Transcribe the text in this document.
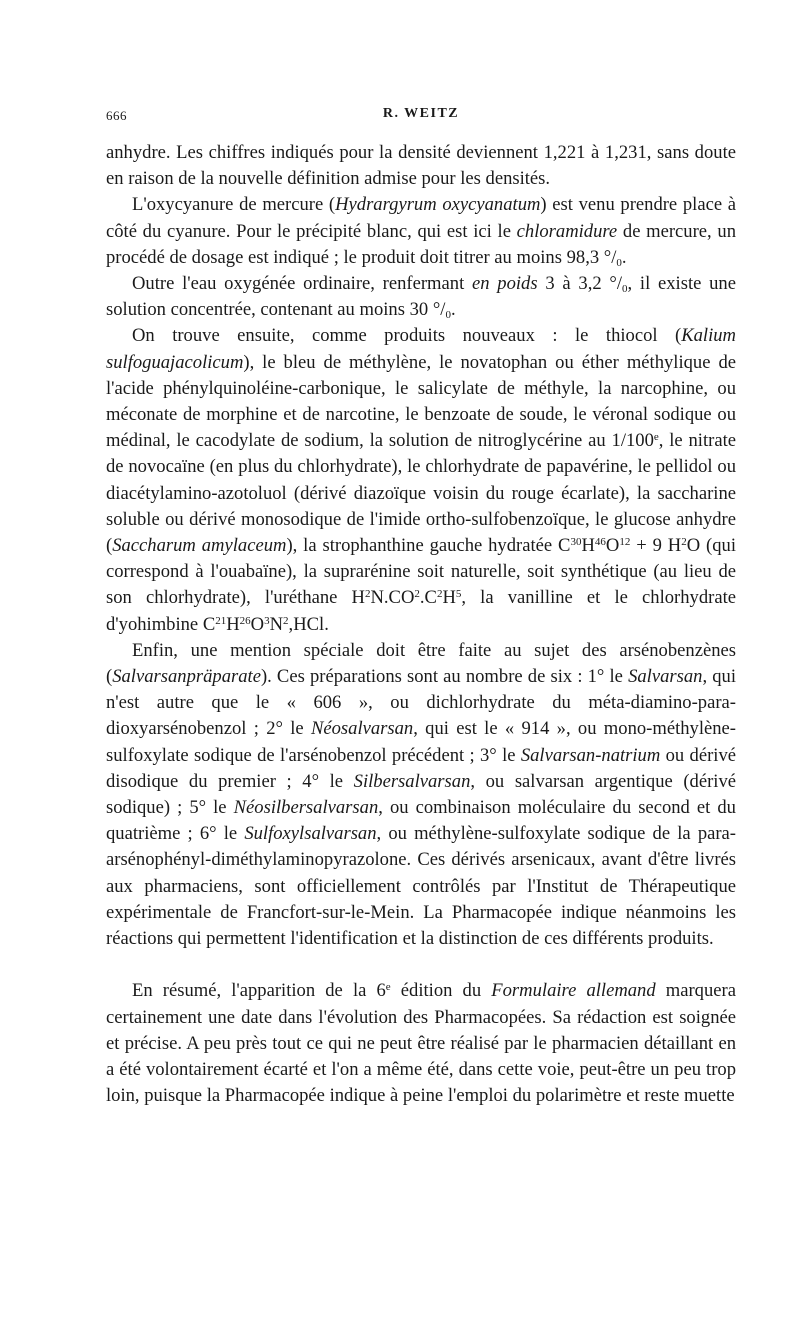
666	R. WEITZ

anhydre. Les chiffres indiqués pour la densité deviennent 1,221 à 1,231, sans doute en raison de la nouvelle définition admise pour les densités.

L'oxycyanure de mercure (Hydrargyrum oxycyanatum) est venu prendre place à côté du cyanure. Pour le précipité blanc, qui est ici le chloramidure de mercure, un procédé de dosage est indiqué ; le produit doit titrer au moins 98,3 $^\circ/_0$.

Outre l'eau oxygénée ordinaire, renfermant en poids 3 à 3,2 $^\circ/_0$, il existe une solution concentrée, contenant au moins 30 $^\circ/_0$.

On trouve ensuite, comme produits nouveaux : le thiocol (Kalium sulfoguajacolicum), le bleu de méthylène, le novatophan ou éther méthylique de l'acide phénylquinoléine-carbonique, le salicylate de méthyle, la narcophine, ou méconate de morphine et de narcotine, le benzoate de soude, le véronal sodique ou médinal, le cacodylate de sodium, la solution de nitroglycérine au 1/100e, le nitrate de novocaïne (en plus du chlorhydrate), le chlorhydrate de papavérine, le pellidol ou diacétylamino-azotoluol (dérivé diazoïque voisin du rouge écarlate), la saccharine soluble ou dérivé monosodique de l'imide ortho-sulfobenzoïque, le glucose anhydre (Saccharum amylaceum), la strophanthine gauche hydratée $C^{30}H^{46}O^{12} + 9$ $H^2O$ (qui correspond à l'ouabaïne), la suprarénine soit naturelle, soit synthétique (au lieu de son chlorhydrate), l'uréthane $H^2N.CO^2.C^2H^5$, la vanilline et le chlorhydrate d'yohimbine $C^{21}H^{26}O^3N^2,HCl$.

Enfin, une mention spéciale doit être faite au sujet des arsénobenzènes (Salvarsanpräparate). Ces préparations sont au nombre de six : 1° le Salvarsan, qui n'est autre que le « 606 », ou dichlorhydrate du méta-diamino-para-dioxyarsénobenzol ; 2° le Néosalvarsan, qui est le « 914 », ou mono-méthylène-sulfoxylate sodique de l'arsénobenzol précédent ; 3° le Salvarsan-natrium ou dérivé disodique du premier ; 4° le Silbersalvarsan, ou salvarsan argentique (dérivé sodique) ; 5° le Néosilbersalvarsan, ou combinaison moléculaire du second et du quatrième ; 6° le Sulfoxylsalvarsan, ou méthylène-sulfoxylate sodique de la para-arsénophényl-diméthylaminopyrazolone. Ces dérivés arsenicaux, avant d'être livrés aux pharmaciens, sont officiellement contrôlés par l'Institut de Thérapeutique expérimentale de Francfort-sur-le-Mein. La Pharmacopée indique néanmoins les réactions qui permettent l'identification et la distinction de ces différents produits.

En résumé, l'apparition de la 6e édition du Formulaire allemand marquera certainement une date dans l'évolution des Pharmacopées. Sa rédaction est soignée et précise. A peu près tout ce qui ne peut être réalisé par le pharmacien détaillant en a été volontairement écarté et l'on a même été, dans cette voie, peut-être un peu trop loin, puisque la Pharmacopée indique à peine l'emploi du polarimètre et reste muette
